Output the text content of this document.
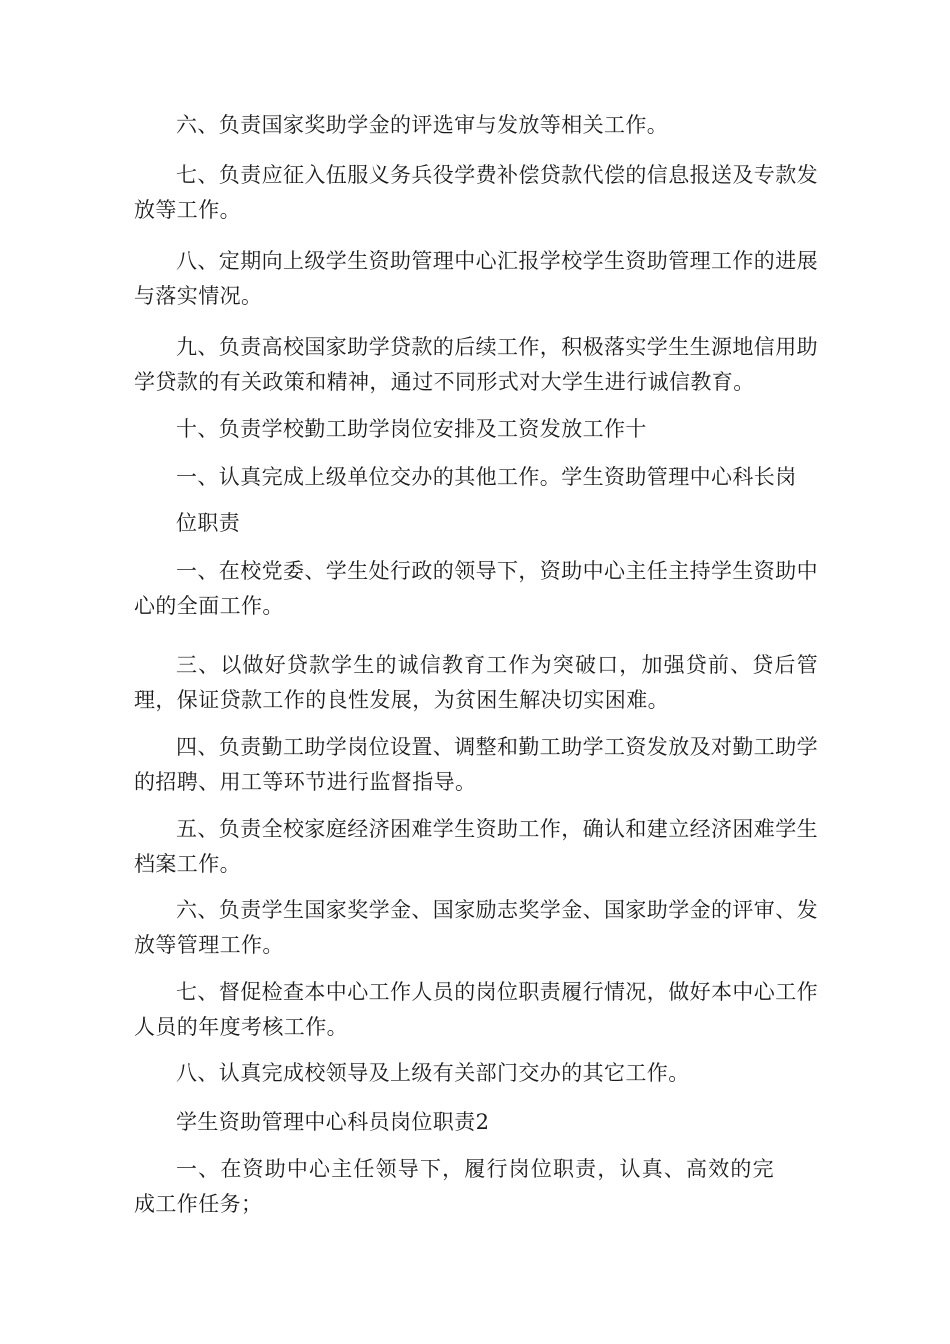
六、负责国家奖助学金的评选审与发放等相关工作。

七、负责应征入伍服义务兵役学费补偿贷款代偿的信息报送及专款发放等工作。

八、定期向上级学生资助管理中心汇报学校学生资助管理工作的进展与落实情况。

九、负责高校国家助学贷款的后续工作，积极落实学生生源地信用助学贷款的有关政策和精神，通过不同形式对大学生进行诚信教育。

十、负责学校勤工助学岗位安排及工资发放工作十

一、认真完成上级单位交办的其他工作。学生资助管理中心科长岗

位职责

一、在校党委、学生处行政的领导下，资助中心主任主持学生资助中心的全面工作。

三、以做好贷款学生的诚信教育工作为突破口，加强贷前、贷后管理，保证贷款工作的良性发展，为贫困生解决切实困难。

四、负责勤工助学岗位设置、调整和勤工助学工资发放及对勤工助学的招聘、用工等环节进行监督指导。

五、负责全校家庭经济困难学生资助工作，确认和建立经济困难学生档案工作。

六、负责学生国家奖学金、国家励志奖学金、国家助学金的评审、发放等管理工作。

七、督促检查本中心工作人员的岗位职责履行情况，做好本中心工作人员的年度考核工作。

八、认真完成校领导及上级有关部门交办的其它工作。

学生资助管理中心科员岗位职责2

一、在资助中心主任领导下，履行岗位职责，认真、高效的完成工作任务；
